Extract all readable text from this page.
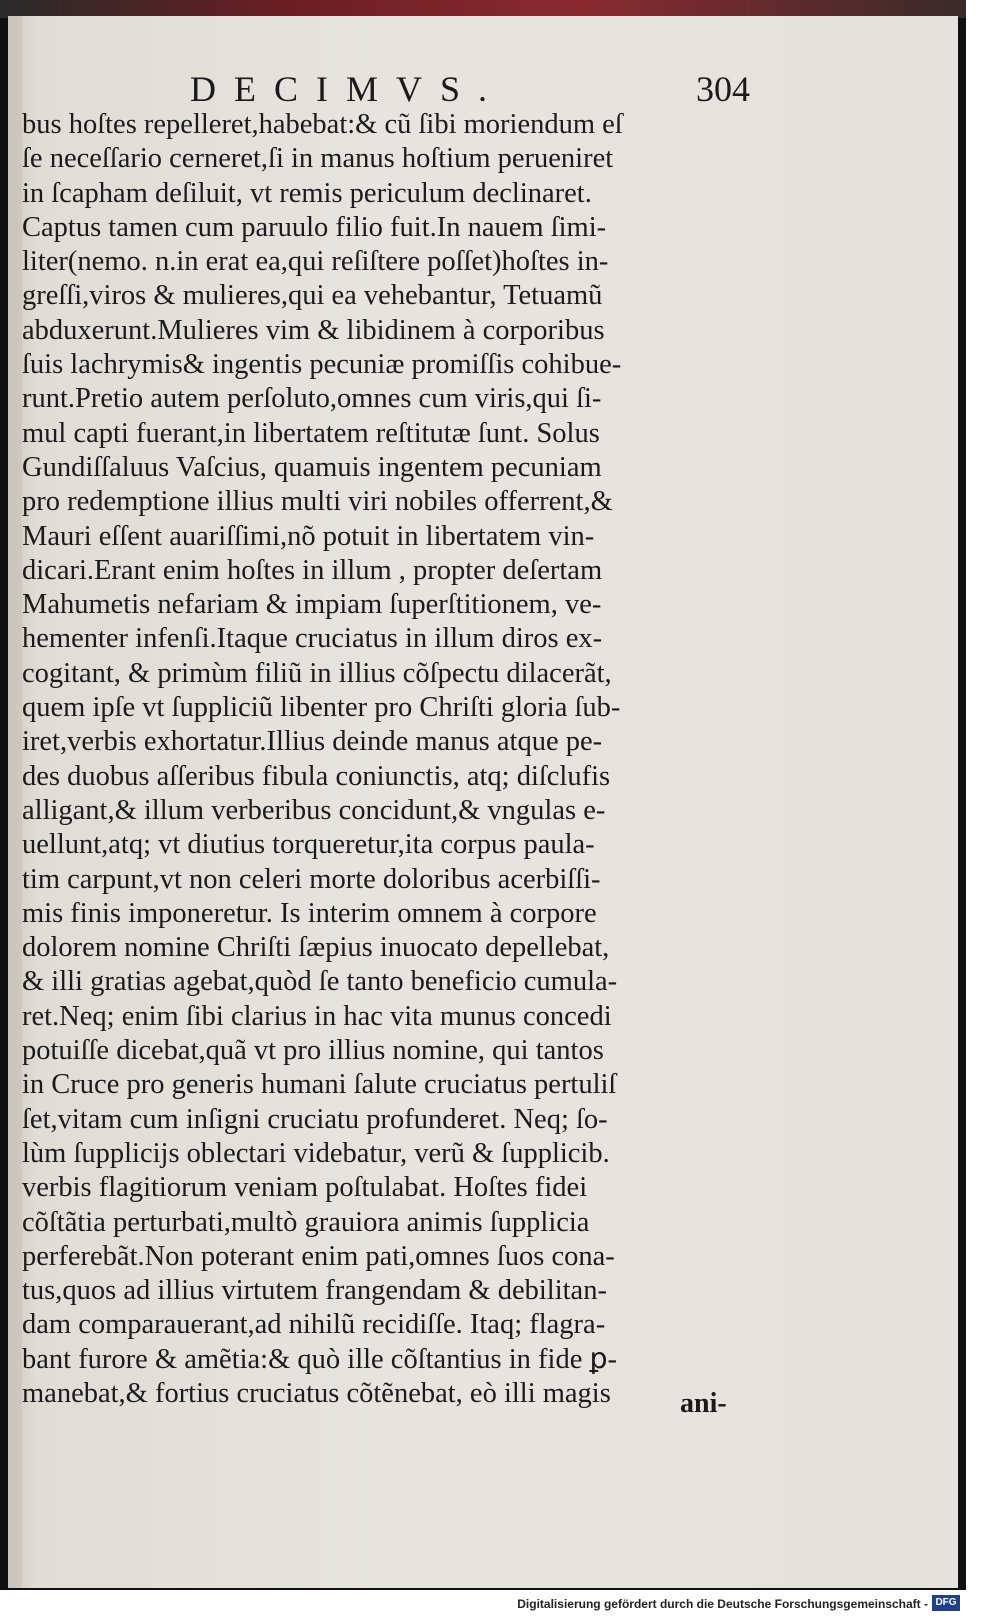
DECIMVS.	304
bus hoſtes repelleret,habebat:& cũ ſibi moriendum eſ
ſe neceſſario cerneret,ſi in manus hoſtium perueniret
in ſcapham deſiluit, vt remis periculum declinaret.
Captus tamen cum paruulo filio fuit.In nauem ſimi-
liter(nemo. n.in erat ea,qui reſiſtere poſſet)hoſtes in-
greſſi,viros & mulieres,qui ea vehebantur, Tetuamũ
abduxerunt.Mulieres vim & libidinem à corporibus
ſuis lachrymis& ingentis pecuniæ promiſſis cohibue-
runt.Pretio autem perſoluto,omnes cum viris,qui ſi-
mul capti fuerant,in libertatem reſtitutæ ſunt. Solus
Gundiſſaluus Vaſcius, quamuis ingentem pecuniam
pro redemptione illius multi viri nobiles offerrent,&
Mauri eſſent auariſſimi,nõ potuit in libertatem vin-
dicari.Erant enim hoſtes in illum , propter deſertam
Mahumetis nefariam & impiam ſuperſtitionem, ve-
hementer infenſi.Itaque cruciatus in illum diros ex-
cogitant, & primùm filiũ in illius cõſpectu dilacerãt,
quem ipſe vt ſuppliciũ libenter pro Chriſti gloria ſub-
iret,verbis exhortatur.Illius deinde manus atque pe-
des duobus aſſeribus fibula coniunctis, atq; diſclufis
alligant,& illum verberibus concidunt,& vngulas e-
uellunt,atq; vt diutius torqueretur,ita corpus paula-
tim carpunt,vt non celeri morte doloribus acerbiſſi-
mis finis imponeretur. Is interim omnem à corpore
dolorem nomine Chriſti ſæpius inuocato depellebat,
& illi gratias agebat,quòd ſe tanto beneficio cumula-
ret.Neq; enim ſibi clarius in hac vita munus concedi
potuiſſe dicebat,quã vt pro illius nomine, qui tantos
in Cruce pro generis humani ſalute cruciatus pertuliſ
ſet,vitam cum inſigni cruciatu profunderet. Neq; ſo-
lùm ſupplicijs oblectari videbatur, verũ & ſupplicib.
verbis flagitiorum veniam poſtulabat. Hoſtes fidei
cõſtãtia perturbati,multò grauiora animis ſupplicia
perferebãt.Non poterant enim pati,omnes ſuos cona-
tus,quos ad illius virtutem frangendam & debilitan-
dam comparauerant,ad nihilũ recidiſſe. Itaq; flagra-
bant furore & amẽtia:& quò ille cõſtantius in fide ꝑ-
manebat,& fortius cruciatus cõtẽnebat, eò illi magis	ani-
Digitalisierung gefördert durch die Deutsche Forschungsgemeinschaft - DFG
